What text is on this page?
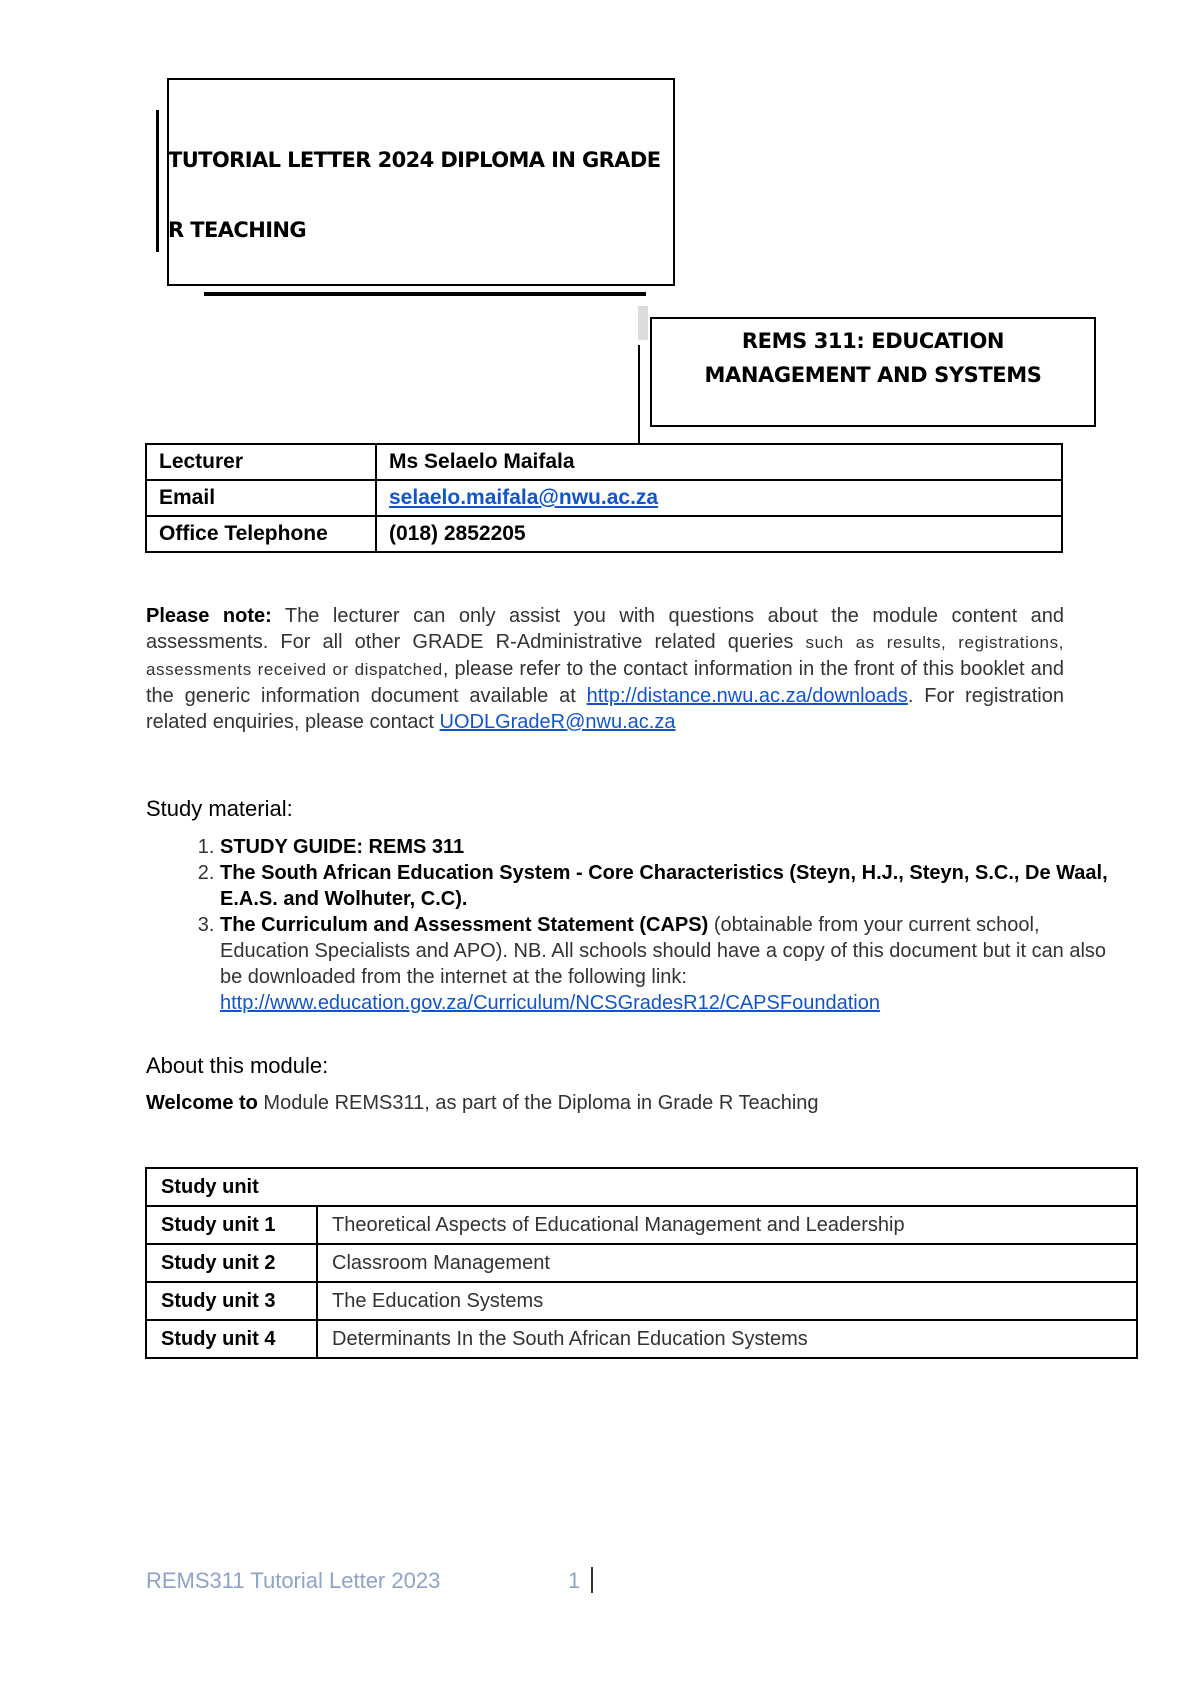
TUTORIAL LETTER 2024 DIPLOMA IN GRADE
R TEACHING
REMS 311: EDUCATION
MANAGEMENT AND SYSTEMS
Lecturer	Ms Selaelo Maifala
Email	selaelo.maifala@nwu.ac.za
Office Telephone	(018) 2852205
Please note: The lecturer can only assist you with questions about the module content and assessments. For all other GRADE R-Administrative related queries such as results, registrations, assessments received or dispatched, please refer to the contact information in the front of this booklet and the generic information document available at http://distance.nwu.ac.za/downloads. For registration related enquiries, please contact UODLGradeR@nwu.ac.za
Study material:
1. STUDY GUIDE: REMS 311
2. The South African Education System - Core Characteristics (Steyn, H.J., Steyn, S.C., De Waal, E.A.S. and Wolhuter, C.C).
3. The Curriculum and Assessment Statement (CAPS) (obtainable from your current school, Education Specialists and APO). NB. All schools should have a copy of this document but it can also be downloaded from the internet at the following link: http://www.education.gov.za/Curriculum/NCSGradesR12/CAPSFoundation
About this module:
Welcome to Module REMS311, as part of the Diploma in Grade R Teaching
Study unit	
Study unit 1	Theoretical Aspects of Educational Management and Leadership
Study unit 2	Classroom Management
Study unit 3	The Education Systems
Study unit 4	Determinants In the South African Education Systems
REMS311 Tutorial Letter 2023	1
